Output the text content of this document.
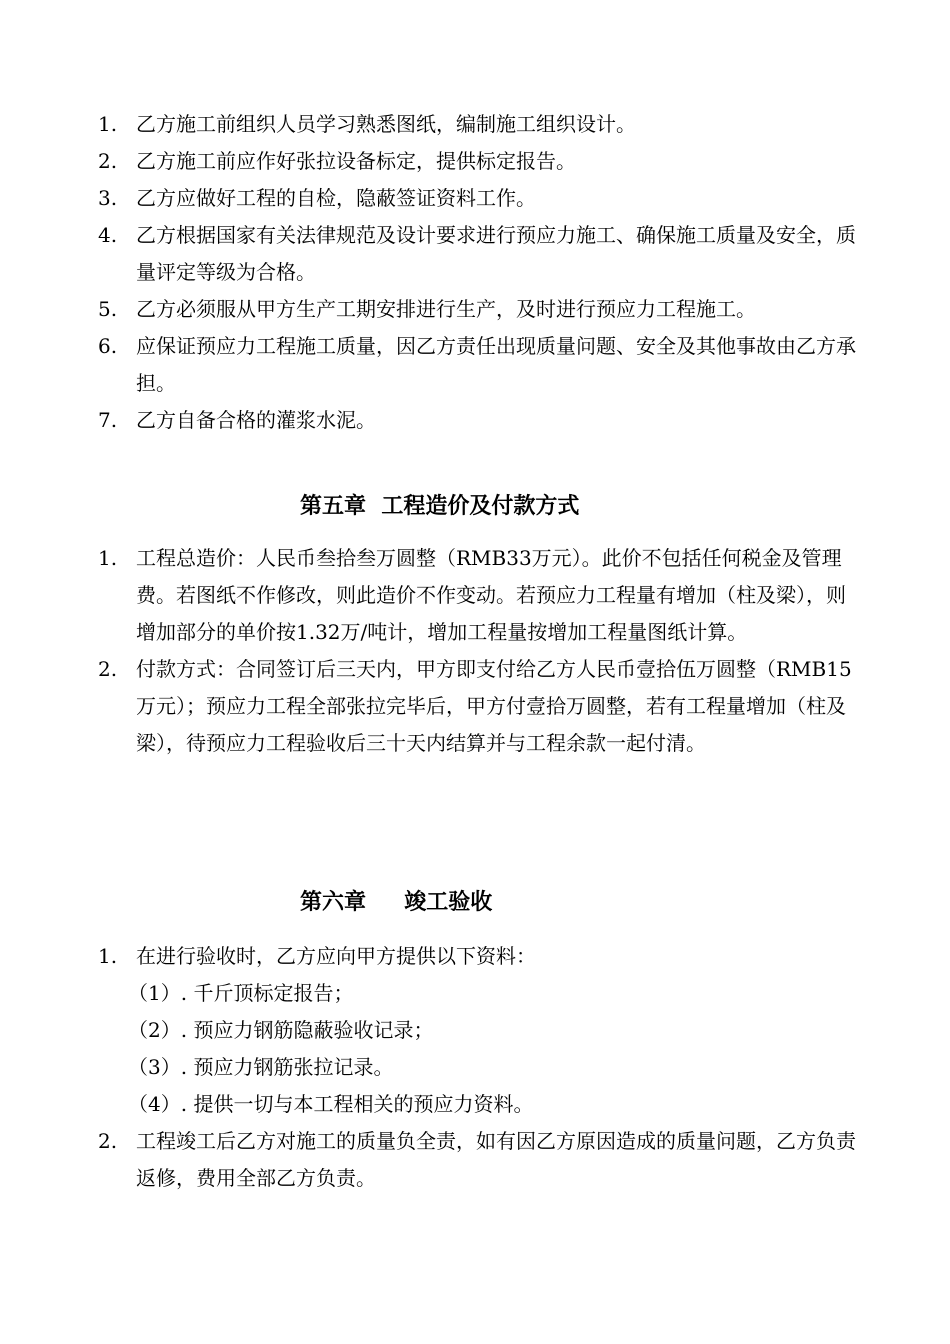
1. 乙方施工前组织人员学习熟悉图纸，编制施工组织设计。
2. 乙方施工前应作好张拉设备标定，提供标定报告。
3. 乙方应做好工程的自检，隐蔽签证资料工作。
4. 乙方根据国家有关法律规范及设计要求进行预应力施工、确保施工质量及安全，质量评定等级为合格。
5. 乙方必须服从甲方生产工期安排进行生产，及时进行预应力工程施工。
6. 应保证预应力工程施工质量，因乙方责任出现质量问题、安全及其他事故由乙方承担。
7. 乙方自备合格的灌浆水泥。
第五章  工程造价及付款方式
1. 工程总造价：人民币叁拾叁万圆整（RMB33万元）。此价不包括任何税金及管理费。若图纸不作修改，则此造价不作变动。若预应力工程量有增加（柱及梁），则增加部分的单价按1.32万/吨计，增加工程量按增加工程量图纸计算。
2. 付款方式：合同签订后三天内，甲方即支付给乙方人民币壹拾伍万圆整（RMB15万元）；预应力工程全部张拉完毕后，甲方付壹拾万圆整，若有工程量增加（柱及梁），待预应力工程验收后三十天内结算并与工程余款一起付清。
第六章     竣工验收
1. 在进行验收时，乙方应向甲方提供以下资料：
（1）. 千斤顶标定报告；
（2）. 预应力钢筋隐蔽验收记录；
（3）. 预应力钢筋张拉记录。
（4）. 提供一切与本工程相关的预应力资料。
2. 工程竣工后乙方对施工的质量负全责，如有因乙方原因造成的质量问题，乙方负责返修，费用全部乙方负责。
